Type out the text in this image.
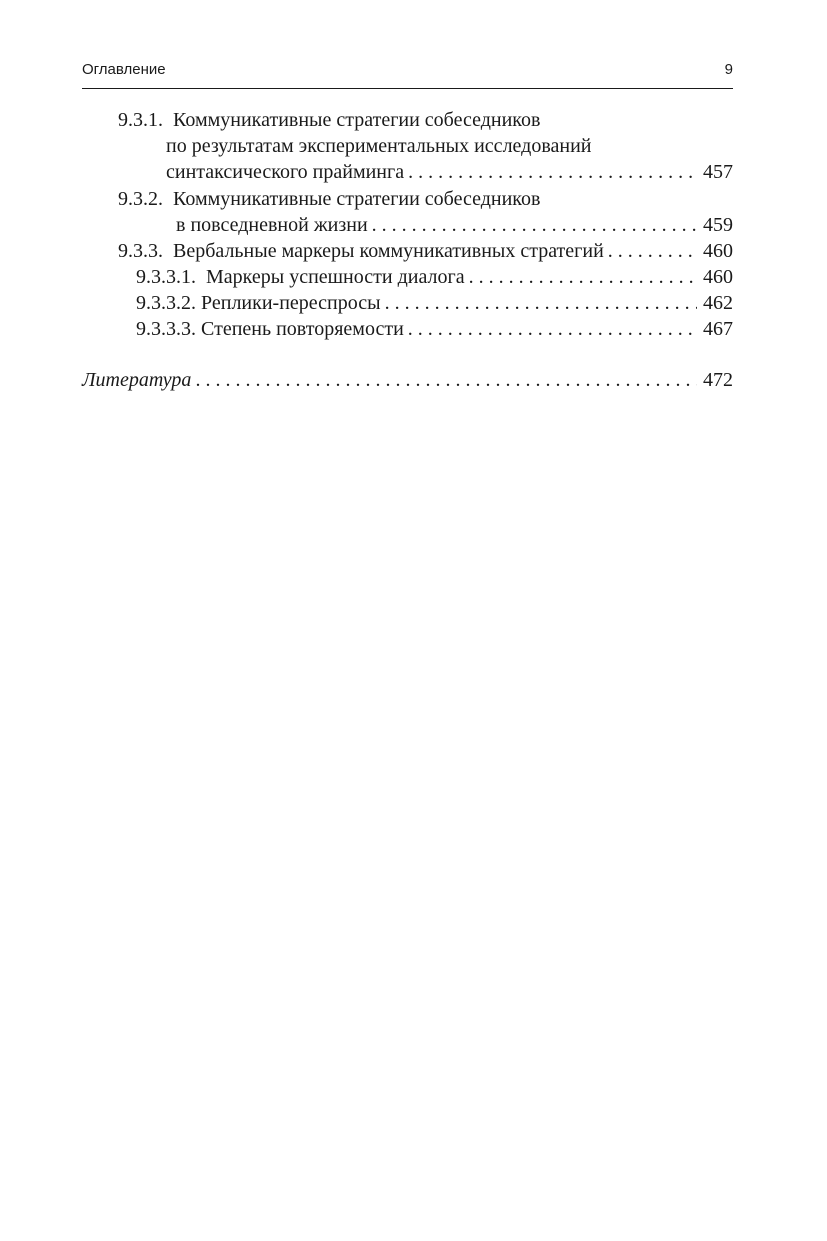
Оглавление	9
9.3.1. Коммуникативные стратегии собеседников
по результатам экспериментальных исследований
синтаксического прайминга . . .	457
9.3.2. Коммуникативные стратегии собеседников
в повседневной жизни . . .	459
9.3.3. Вербальные маркеры коммуникативных стратегий . . .	460
9.3.3.1. Маркеры успешности диалога . . .	460
9.3.3.2. Реплики-переспросы . . .	462
9.3.3.3. Степень повторяемости . . .	467
Литература . . .	472
